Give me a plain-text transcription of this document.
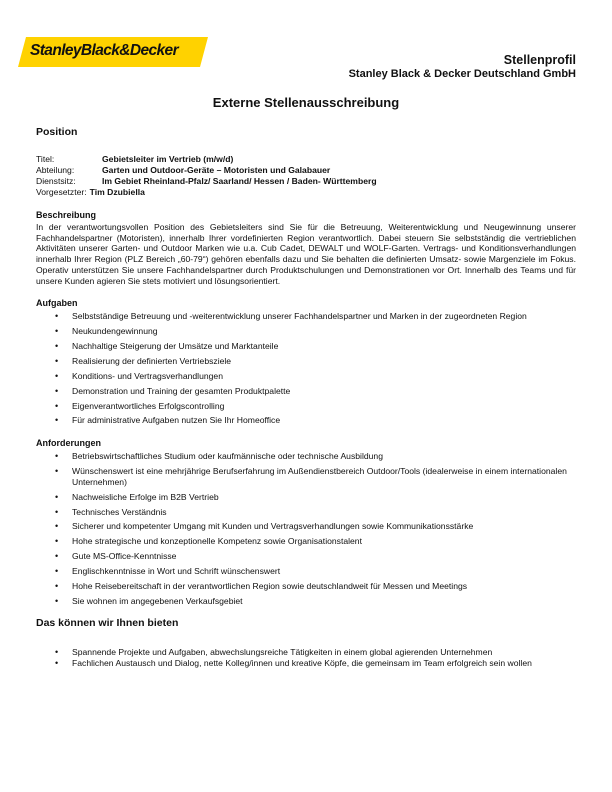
StanleyBlack&Decker
Stellenprofil
Stanley Black & Decker Deutschland GmbH
Externe Stellenausschreibung
Position
Titel:	Gebietsleiter im Vertrieb (m/w/d)
Abteilung:	Garten und Outdoor-Geräte – Motoristen und Galabauer
Dienstsitz:	Im Gebiet Rheinland-Pfalz/ Saarland/ Hessen / Baden- Württemberg
Vorgesetzter: Tim Dzubiella
Beschreibung

In der verantwortungsvollen Position des Gebietsleiters sind Sie für die Betreuung, Weiterentwicklung und Neugewinnung unserer Fachhandelspartner (Motoristen), innerhalb Ihrer vordefinierten Region verantwortlich. Dabei steuern Sie selbstständig die vertrieblichen Aktivitäten unserer Garten- und Outdoor Marken wie u.a. Cub Cadet, DEWALT und WOLF-Garten. Vertrags- und Konditionsverhandlungen innerhalb Ihrer Region (PLZ Bereich „60-79“) gehören ebenfalls dazu und Sie behalten die definierten Umsatz- sowie Margenziele im Fokus. Operativ unterstützen Sie unsere Fachhandelspartner durch Produktschulungen und Demonstrationen vor Ort. Innerhalb des Teams und für unsere Kunden agieren Sie stets motiviert und lösungsorientiert.

Aufgaben
• Selbstständige Betreuung und -weiterentwicklung unserer Fachhandelspartner und Marken in der zugeordneten Region
• Neukundengewinnung
• Nachhaltige Steigerung der Umsätze und Marktanteile
• Realisierung der definierten Vertriebsziele
• Konditions- und Vertragsverhandlungen
• Demonstration und Training der gesamten Produktpalette
• Eigenverantwortliches Erfolgscontrolling
• Für administrative Aufgaben nutzen Sie Ihr Homeoffice
Anforderungen
• Betriebswirtschaftliches Studium oder kaufmännische oder technische Ausbildung
• Wünschenswert ist eine mehrjährige Berufserfahrung im Außendienstbereich Outdoor/Tools (idealerweise in einem internationalen Unternehmen)
• Nachweisliche Erfolge im B2B Vertrieb
• Technisches Verständnis
• Sicherer und kompetenter Umgang mit Kunden und Vertragsverhandlungen sowie Kommunikationsstärke
• Hohe strategische und konzeptionelle Kompetenz sowie Organisationstalent
• Gute MS-Office-Kenntnisse
• Englischkenntnisse in Wort und Schrift wünschenswert
• Hohe Reisebereitschaft in der verantwortlichen Region sowie deutschlandweit für Messen und Meetings
• Sie wohnen im angegebenen Verkaufsgebiet
Das können wir Ihnen bieten
• Spannende Projekte und Aufgaben, abwechslungsreiche Tätigkeiten in einem global agierenden Unternehmen
• Fachlichen Austausch und Dialog, nette Kolleg/innen und kreative Köpfe, die gemeinsam im Team erfolgreich sein wollen
